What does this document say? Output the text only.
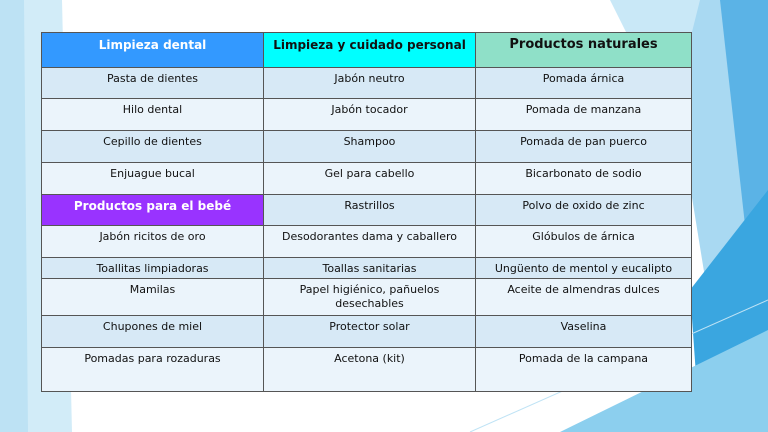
Limpieza dental	Limpieza y cuidado personal	Productos naturales
Pasta de dientes	Jabón neutro	Pomada árnica
Hilo dental	Jabón tocador	Pomada de manzana
Cepillo de dientes	Shampoo	Pomada de pan puerco
Enjuague bucal	Gel para cabello	Bicarbonato de sodio
Productos para el bebé	Rastrillos	Polvo de oxido de zinc
Jabón ricitos de oro	Desodorantes dama y caballero	Glóbulos de árnica
Toallitas limpiadoras	Toallas sanitarias	Ungüento de mentol y eucalipto
Mamilas	Papel higiénico, pañuelos desechables	Aceite de almendras dulces
Chupones de miel	Protector solar	Vaselina
Pomadas para rozaduras	Acetona (kit)	Pomada de la campana
